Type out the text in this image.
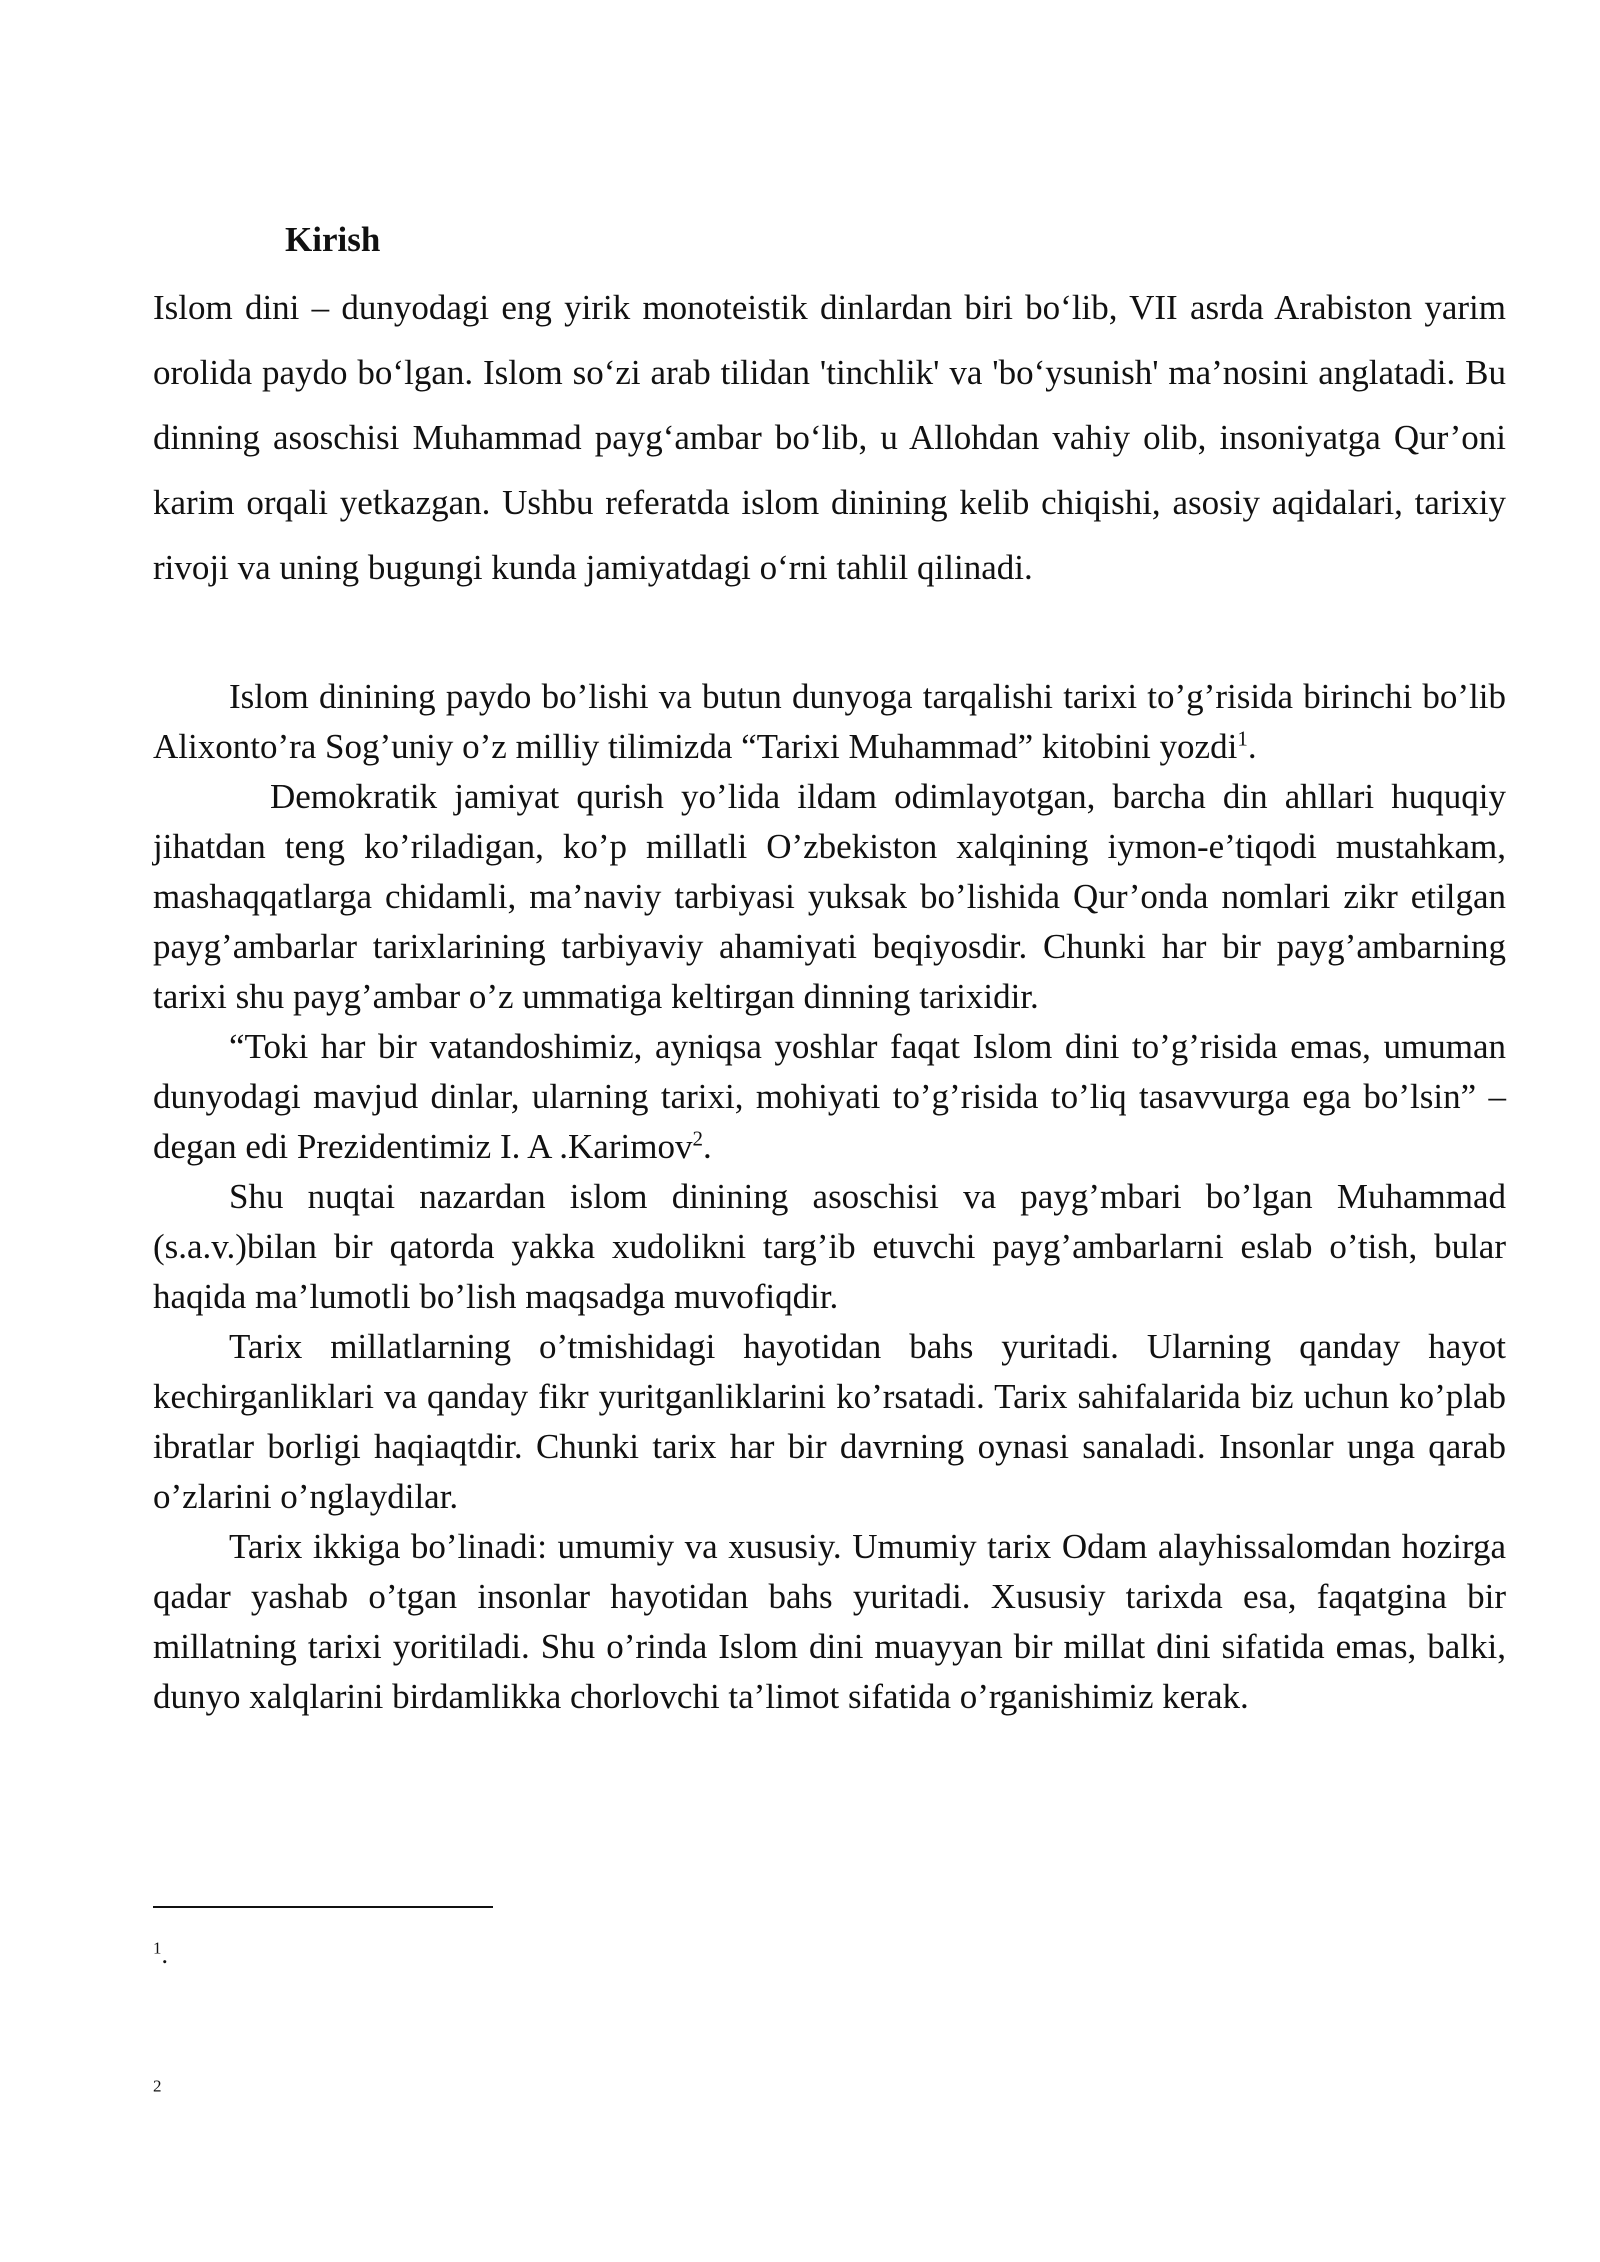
Kirish

Islom dini – dunyodagi eng yirik monoteistik dinlardan biri bo‘lib, VII asrda Arabiston yarim orolida paydo bo‘lgan. Islom so‘zi arab tilidan 'tinchlik' va 'bo‘ysunish' ma’nosini anglatadi. Bu dinning asoschisi Muhammad payg‘ambar bo‘lib, u Allohdan vahiy olib, insoniyatga Qur’oni karim orqali yetkazgan. Ushbu referatda islom dinining kelib chiqishi, asosiy aqidalari, tarixiy rivoji va uning bugungi kunda jamiyatdagi o‘rni tahlil qilinadi.

Islom dinining paydo bo’lishi va butun dunyoga tarqalishi tarixi to’g’risida birinchi bo’lib Alixonto’ra Sog’uniy o’z milliy tilimizda “Tarixi Muhammad” kitobini yozdi$^1$.

Demokratik jamiyat qurish yo’lida ildam odimlayotgan, barcha din ahllari huquqiy jihatdan teng ko’riladigan, ko’p millatli O’zbekiston xalqining iymon-e’tiqodi mustahkam, mashaqqatlarga chidamli, ma’naviy tarbiyasi yuksak bo’lishida Qur’onda nomlari zikr etilgan payg’ambarlar tarixlarining tarbiyaviy ahamiyati beqiyosdir. Chunki har bir payg’ambarning tarixi shu payg’ambar o’z ummatiga keltirgan dinning tarixidir.

“Toki har bir vatandoshimiz, ayniqsa yoshlar faqat Islom dini to’g’risida emas, umuman dunyodagi mavjud dinlar, ularning tarixi, mohiyati to’g’risida to’liq tasavvurga ega bo’lsin” – degan edi Prezidentimiz I. A .Karimov$^2$.

Shu nuqtai nazardan islom dinining asoschisi va payg’mbari bo’lgan Muhammad (s.a.v.)bilan bir qatorda yakka xudolikni targ’ib etuvchi payg’ambarlarni eslab o’tish, bular haqida ma’lumotli bo’lish maqsadga muvofiqdir.

Tarix millatlarning o’tmishidagi hayotidan bahs yuritadi. Ularning qanday hayot kechirganliklari va qanday fikr yuritganliklarini ko’rsatadi. Tarix sahifalarida biz uchun ko’plab ibratlar borligi haqiaqtdir. Chunki tarix har bir davrning oynasi sanaladi. Insonlar unga qarab o’zlarini o’nglaydilar.

Tarix ikkiga bo’linadi: umumiy va xususiy. Umumiy tarix Odam alayhissalomdan hozirga qadar yashab o’tgan insonlar hayotidan bahs yuritadi. Xususiy tarixda esa, faqatgina bir millatning tarixi yoritiladi. Shu o’rinda Islom dini muayyan bir millat dini sifatida emas, balki, dunyo xalqlarini birdamlikka chorlovchi ta’limot sifatida o’rganishimiz kerak.

$^1$.

$^2$
